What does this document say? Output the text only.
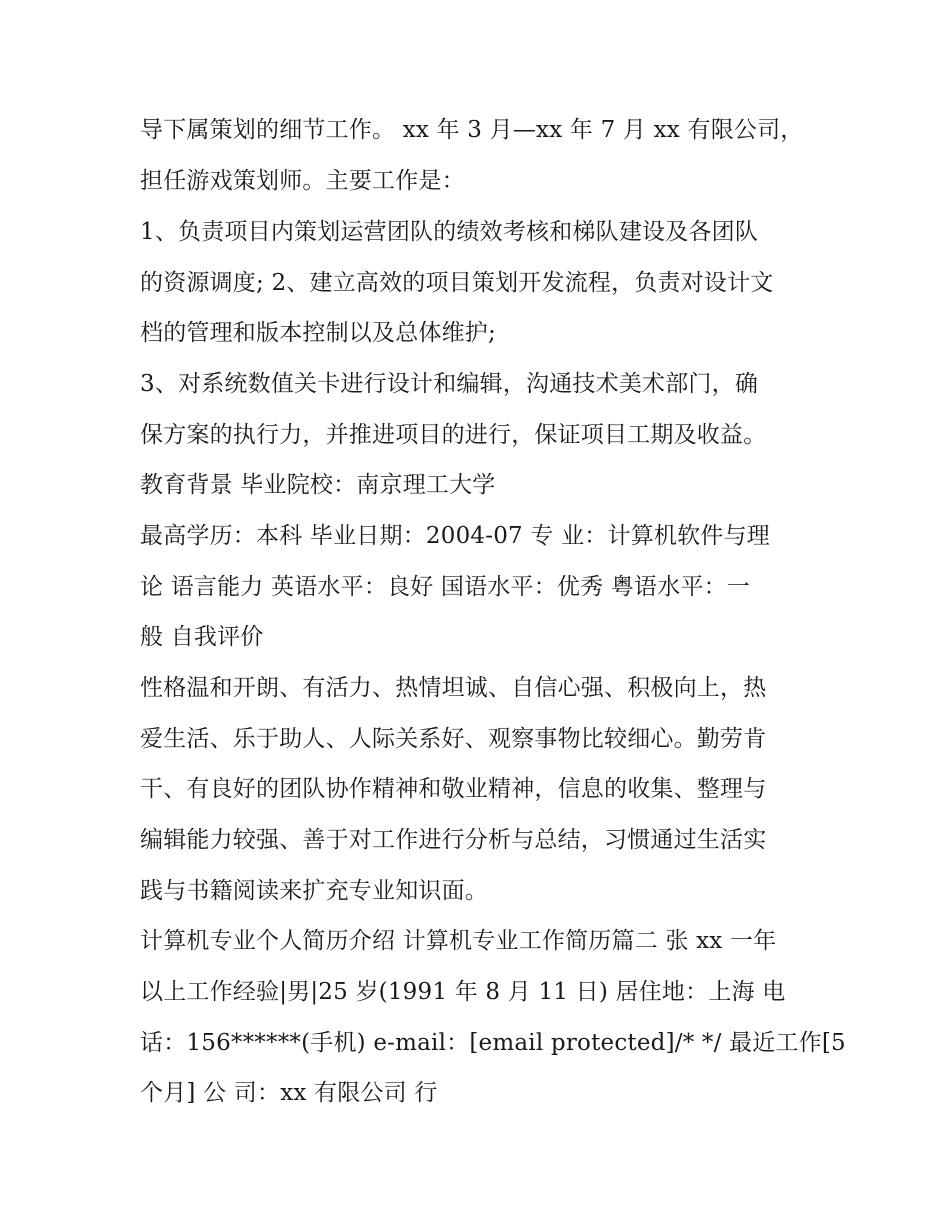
导下属策划的细节工作。 xx 年 3 月—xx 年 7 月 xx 有限公司，
担任游戏策划师。主要工作是：
1、负责项目内策划运营团队的绩效考核和梯队建设及各团队
的资源调度; 2、建立高效的项目策划开发流程，负责对设计文
档的管理和版本控制以及总体维护;
3、对系统数值关卡进行设计和编辑，沟通技术美术部门，确
保方案的执行力，并推进项目的进行，保证项目工期及收益。
教育背景 毕业院校：南京理工大学
最高学历：本科 毕业日期：2004-07 专 业：计算机软件与理
论 语言能力 英语水平：良好 国语水平：优秀 粤语水平：一
般 自我评价
性格温和开朗、有活力、热情坦诚、自信心强、积极向上，热
爱生活、乐于助人、人际关系好、观察事物比较细心。勤劳肯
干、有良好的团队协作精神和敬业精神，信息的收集、整理与
编辑能力较强、善于对工作进行分析与总结，习惯通过生活实
践与书籍阅读来扩充专业知识面。
计算机专业个人简历介绍 计算机专业工作简历篇二 张 xx 一年
以上工作经验|男|25 岁(1991 年 8 月 11 日) 居住地：上海 电
话：156******(手机) e-mail：[email protected]/* */ 最近工作[5
个月] 公 司：xx 有限公司 行
